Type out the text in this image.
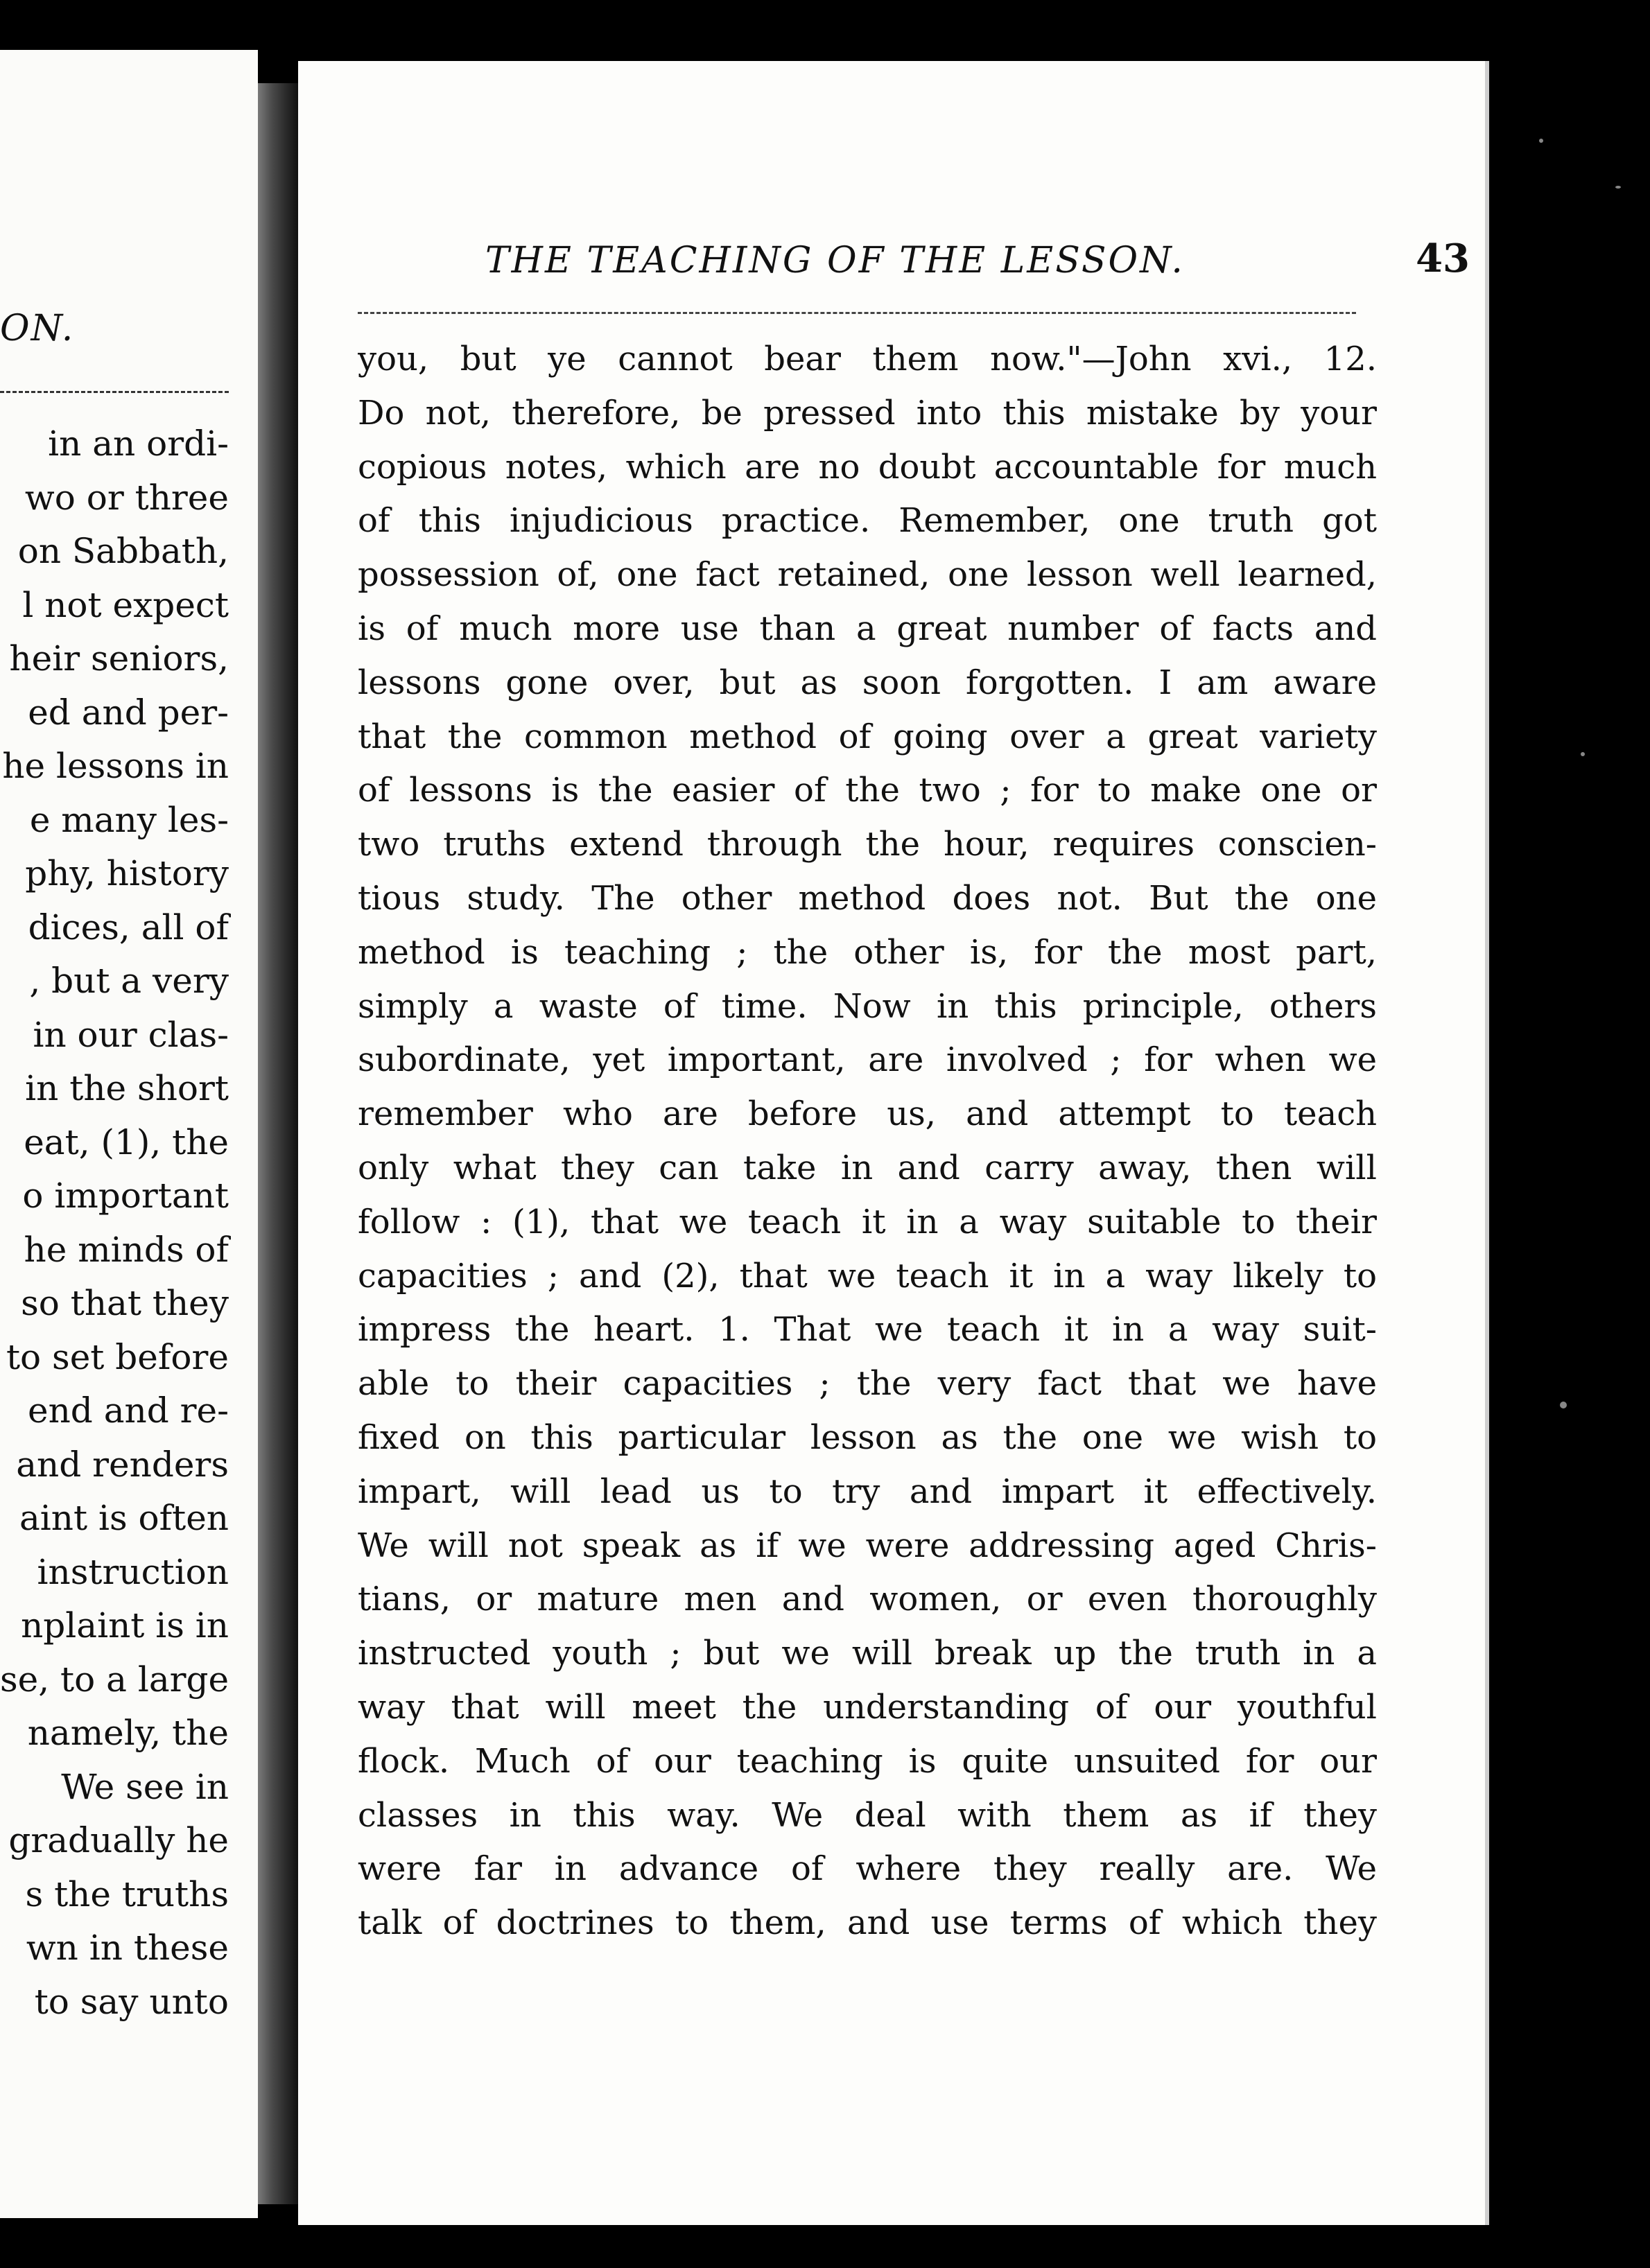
ON.
in an ordi-
wo or three
on Sabbath,
l not expect
heir seniors,
ed and per-
he lessons in
e many les-
phy, history
dices, all of
, but a very
in our clas-
in the short
eat, (1), the
o important
he minds of
so that they
to set before
end and re-
and renders
aint is often
instruction
nplaint is in
se, to a large
namely, the
We see in
gradually he
s the truths
wn in these
to say unto
THE TEACHING OF THE LESSON.	43
you, but ye cannot bear them now."—John xvi., 12.
Do not, therefore, be pressed into this mistake by your
copious notes, which are no doubt accountable for much
of this injudicious practice. Remember, one truth got
possession of, one fact retained, one lesson well learned,
is of much more use than a great number of facts and
lessons gone over, but as soon forgotten. I am aware
that the common method of going over a great variety
of lessons is the easier of the two ; for to make one or
two truths extend through the hour, requires conscien-
tious study. The other method does not. But the one
method is teaching ; the other is, for the most part,
simply a waste of time. Now in this principle, others
subordinate, yet important, are involved ; for when we
remember who are before us, and attempt to teach
only what they can take in and carry away, then will
follow : (1), that we teach it in a way suitable to their
capacities ; and (2), that we teach it in a way likely to
impress the heart. 1. That we teach it in a way suit-
able to their capacities ; the very fact that we have
fixed on this particular lesson as the one we wish to
impart, will lead us to try and impart it effectively.
We will not speak as if we were addressing aged Chris-
tians, or mature men and women, or even thoroughly
instructed youth ; but we will break up the truth in a
way that will meet the understanding of our youthful
flock. Much of our teaching is quite unsuited for our
classes in this way. We deal with them as if they
were far in advance of where they really are. We
talk of doctrines to them, and use terms of which they
